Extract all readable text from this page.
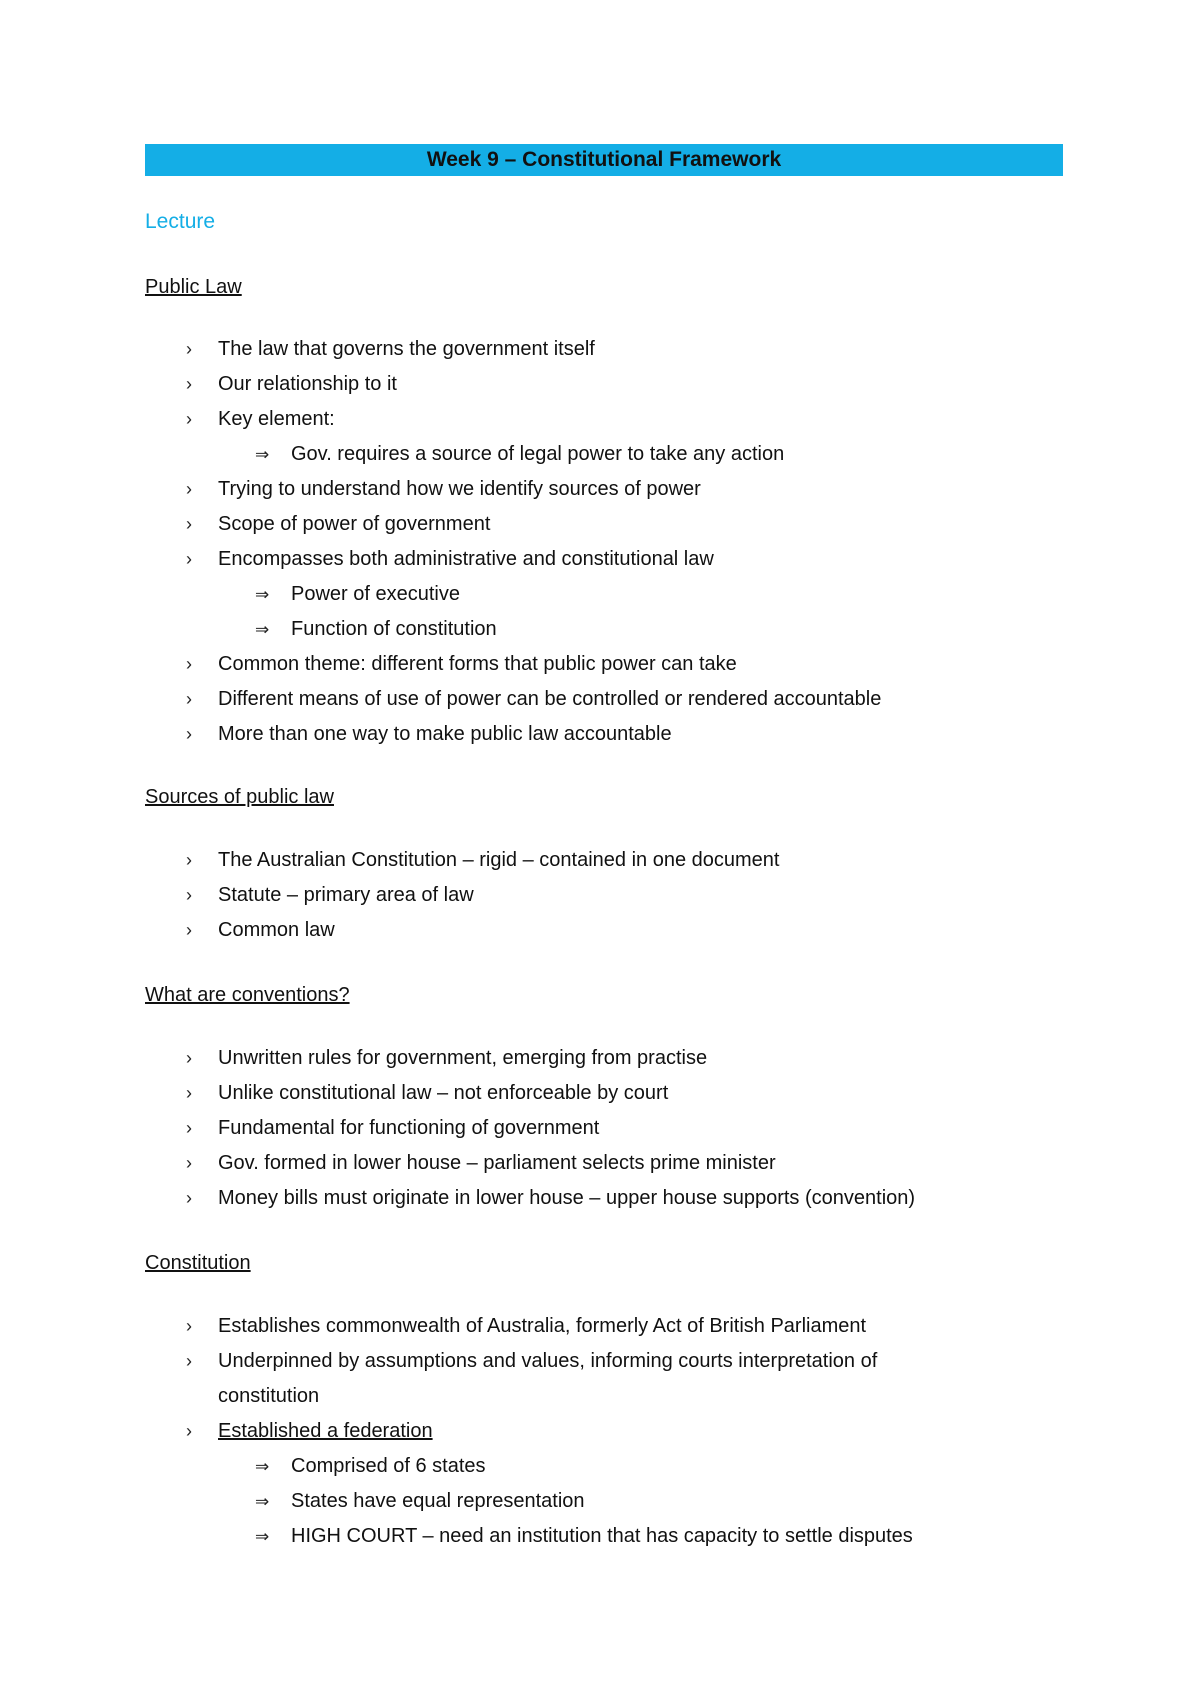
Week 9 – Constitutional Framework
Lecture
Public Law
› The law that governs the government itself
› Our relationship to it
› Key element:
⇒ Gov. requires a source of legal power to take any action
› Trying to understand how we identify sources of power
› Scope of power of government
› Encompasses both administrative and constitutional law
⇒ Power of executive
⇒ Function of constitution
› Common theme: different forms that public power can take
› Different means of use of power can be controlled or rendered accountable
› More than one way to make public law accountable
Sources of public law
› The Australian Constitution – rigid – contained in one document
› Statute – primary area of law
› Common law
What are conventions?
› Unwritten rules for government, emerging from practise
› Unlike constitutional law – not enforceable by court
› Fundamental for functioning of government
› Gov. formed in lower house – parliament selects prime minister
› Money bills must originate in lower house – upper house supports (convention)
Constitution
› Establishes commonwealth of Australia, formerly Act of British Parliament
› Underpinned by assumptions and values, informing courts interpretation of constitution
› Established a federation
⇒ Comprised of 6 states
⇒ States have equal representation
⇒ HIGH COURT – need an institution that has capacity to settle disputes
